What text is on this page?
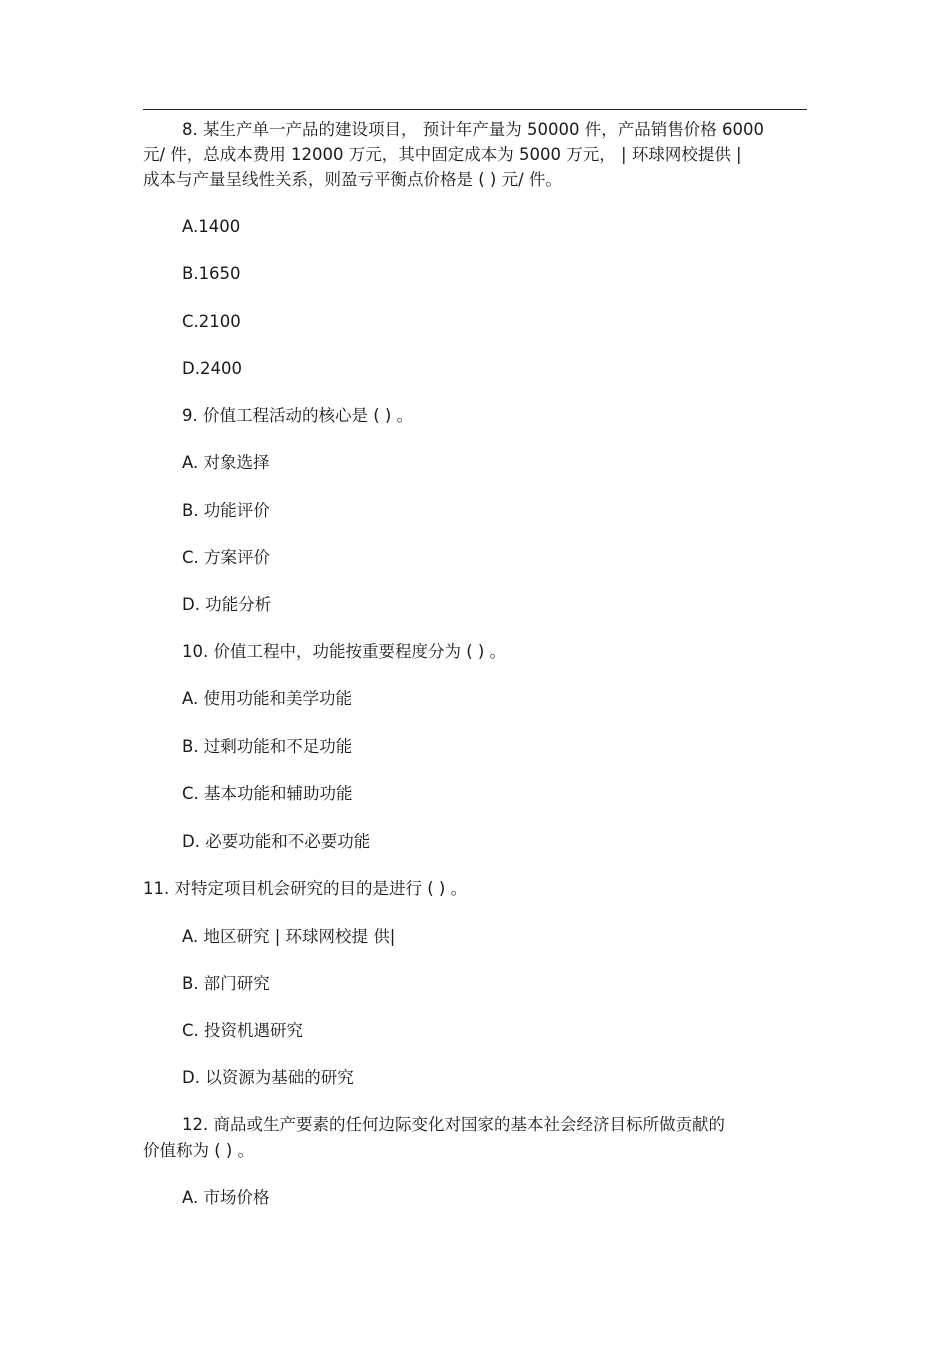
8. 某生产单一产品的建设项目， 预计年产量为 50000 件，产品销售价格 6000
元/ 件，总成本费用 12000 万元，其中固定成本为 5000 万元， | 环球网校提供 |
成本与产量呈线性关系，则盈亏平衡点价格是 ( ) 元/ 件。
A.1400
B.1650
C.2100
D.2400
9. 价值工程活动的核心是 ( ) 。
A. 对象选择
B. 功能评价
C. 方案评价
D. 功能分析
10. 价值工程中，功能按重要程度分为 ( ) 。
A. 使用功能和美学功能
B. 过剩功能和不足功能
C. 基本功能和辅助功能
D. 必要功能和不必要功能
11. 对特定项目机会研究的目的是进行 ( ) 。
A. 地区研究 | 环球网校提 供|
B. 部门研究
C. 投资机遇研究
D. 以资源为基础的研究
12. 商品或生产要素的任何边际变化对国家的基本社会经济目标所做贡献的
价值称为 ( ) 。
A. 市场价格
